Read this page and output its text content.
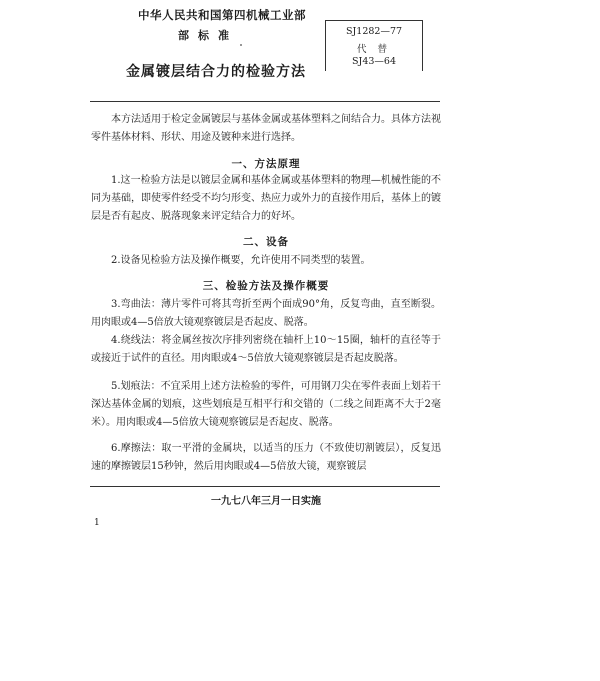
中华人民共和国第四机械工业部
部标准
金属镀层结合力的检验方法
SJ1282—77
代 替
SJ43—64
本方法适用于检定金属镀层与基体金属或基体塑料之间结合力。具体方法视零件基体材料、形状、用途及镀种来进行选择。
一、方法原理
1.这一检验方法是以镀层金属和基体金属或基体塑料的物理—机械性能的不同为基础，即使零件经受不均匀形变、热应力或外力的直接作用后，基体上的镀层是否有起皮、脱落现象来评定结合力的好坏。
二、设备
2.设备见检验方法及操作概要，允许使用不同类型的装置。
三、检验方法及操作概要
3.弯曲法：薄片零件可将其弯折至两个面成90°角，反复弯曲，直至断裂。用肉眼或4—5倍放大镜观察镀层是否起皮、脱落。
4.绕线法：将金属丝按次序排列密绕在轴杆上10～15圈，轴杆的直径等于或接近于试件的直径。用肉眼或4～5倍放大镜观察镀层是否起皮脱落。
5.划痕法：不宜采用上述方法检验的零件，可用钢刀尖在零件表面上划若干深达基体金属的划痕，这些划痕是互相平行和交错的（二线之间距离不大于2毫米）。用肉眼或4—5倍放大镜观察镀层是否起皮、脱落。
6.摩擦法：取一平滑的金属块，以适当的压力（不致使切割镀层），反复迅速的摩擦镀层15秒钟，然后用肉眼或4—5倍放大镜，观察镀层
一九七八年三月一日实施
1
